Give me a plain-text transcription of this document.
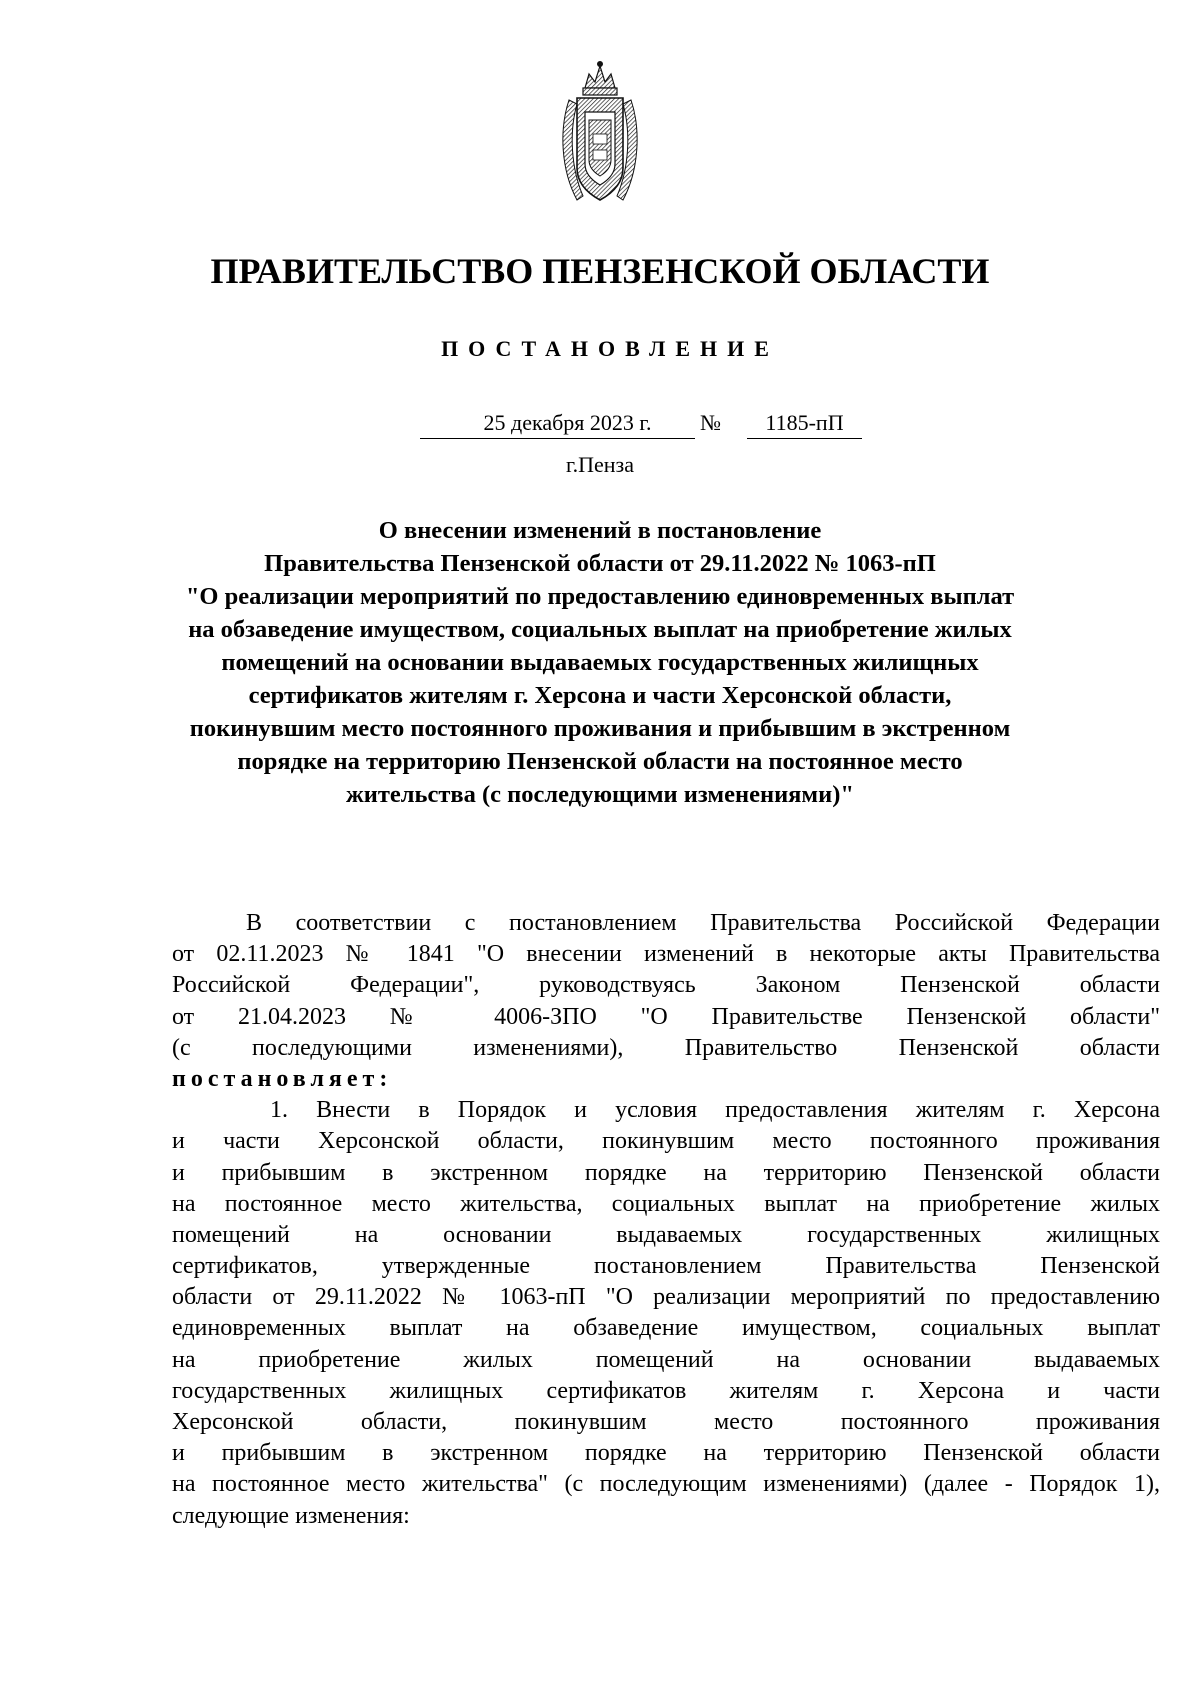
ПРАВИТЕЛЬСТВО ПЕНЗЕНСКОЙ ОБЛАСТИ
ПОСТАНОВЛЕНИЕ
25 декабря 2023 г.	№	1185-пП
г.Пенза
О внесении изменений в постановление
Правительства Пензенской области от 29.11.2022 № 1063-пП
"О реализации мероприятий по предоставлению единовременных выплат
на обзаведение имуществом, социальных выплат на приобретение жилых
помещений на основании выдаваемых государственных жилищных
сертификатов жителям г. Херсона и части Херсонской области,
покинувшим место постоянного проживания и прибывшим в экстренном
порядке на территорию Пензенской области на постоянное место
жительства (с последующими изменениями)"
В соответствии с постановлением Правительства Российской Федерации
от 02.11.2023 № 1841 "О внесении изменений в некоторые акты Правительства
Российской Федерации", руководствуясь Законом Пензенской области
от 21.04.2023 № 4006-ЗПО "О Правительстве Пензенской области"
(с последующими изменениями), Правительство Пензенской области
постановляет:
1. Внести в Порядок и условия предоставления жителям г. Херсона
и части Херсонской области, покинувшим место постоянного проживания
и прибывшим в экстренном порядке на территорию Пензенской области
на постоянное место жительства, социальных выплат на приобретение жилых
помещений на основании выдаваемых государственных жилищных
сертификатов, утвержденные постановлением Правительства Пензенской
области от 29.11.2022 № 1063-пП "О реализации мероприятий по предоставлению
единовременных выплат на обзаведение имуществом, социальных выплат
на приобретение жилых помещений на основании выдаваемых
государственных жилищных сертификатов жителям г. Херсона и части
Херсонской области, покинувшим место постоянного проживания
и прибывшим в экстренном порядке на территорию Пензенской области
на постоянное место жительства" (с последующим изменениями) (далее - Порядок 1),
следующие изменения:
